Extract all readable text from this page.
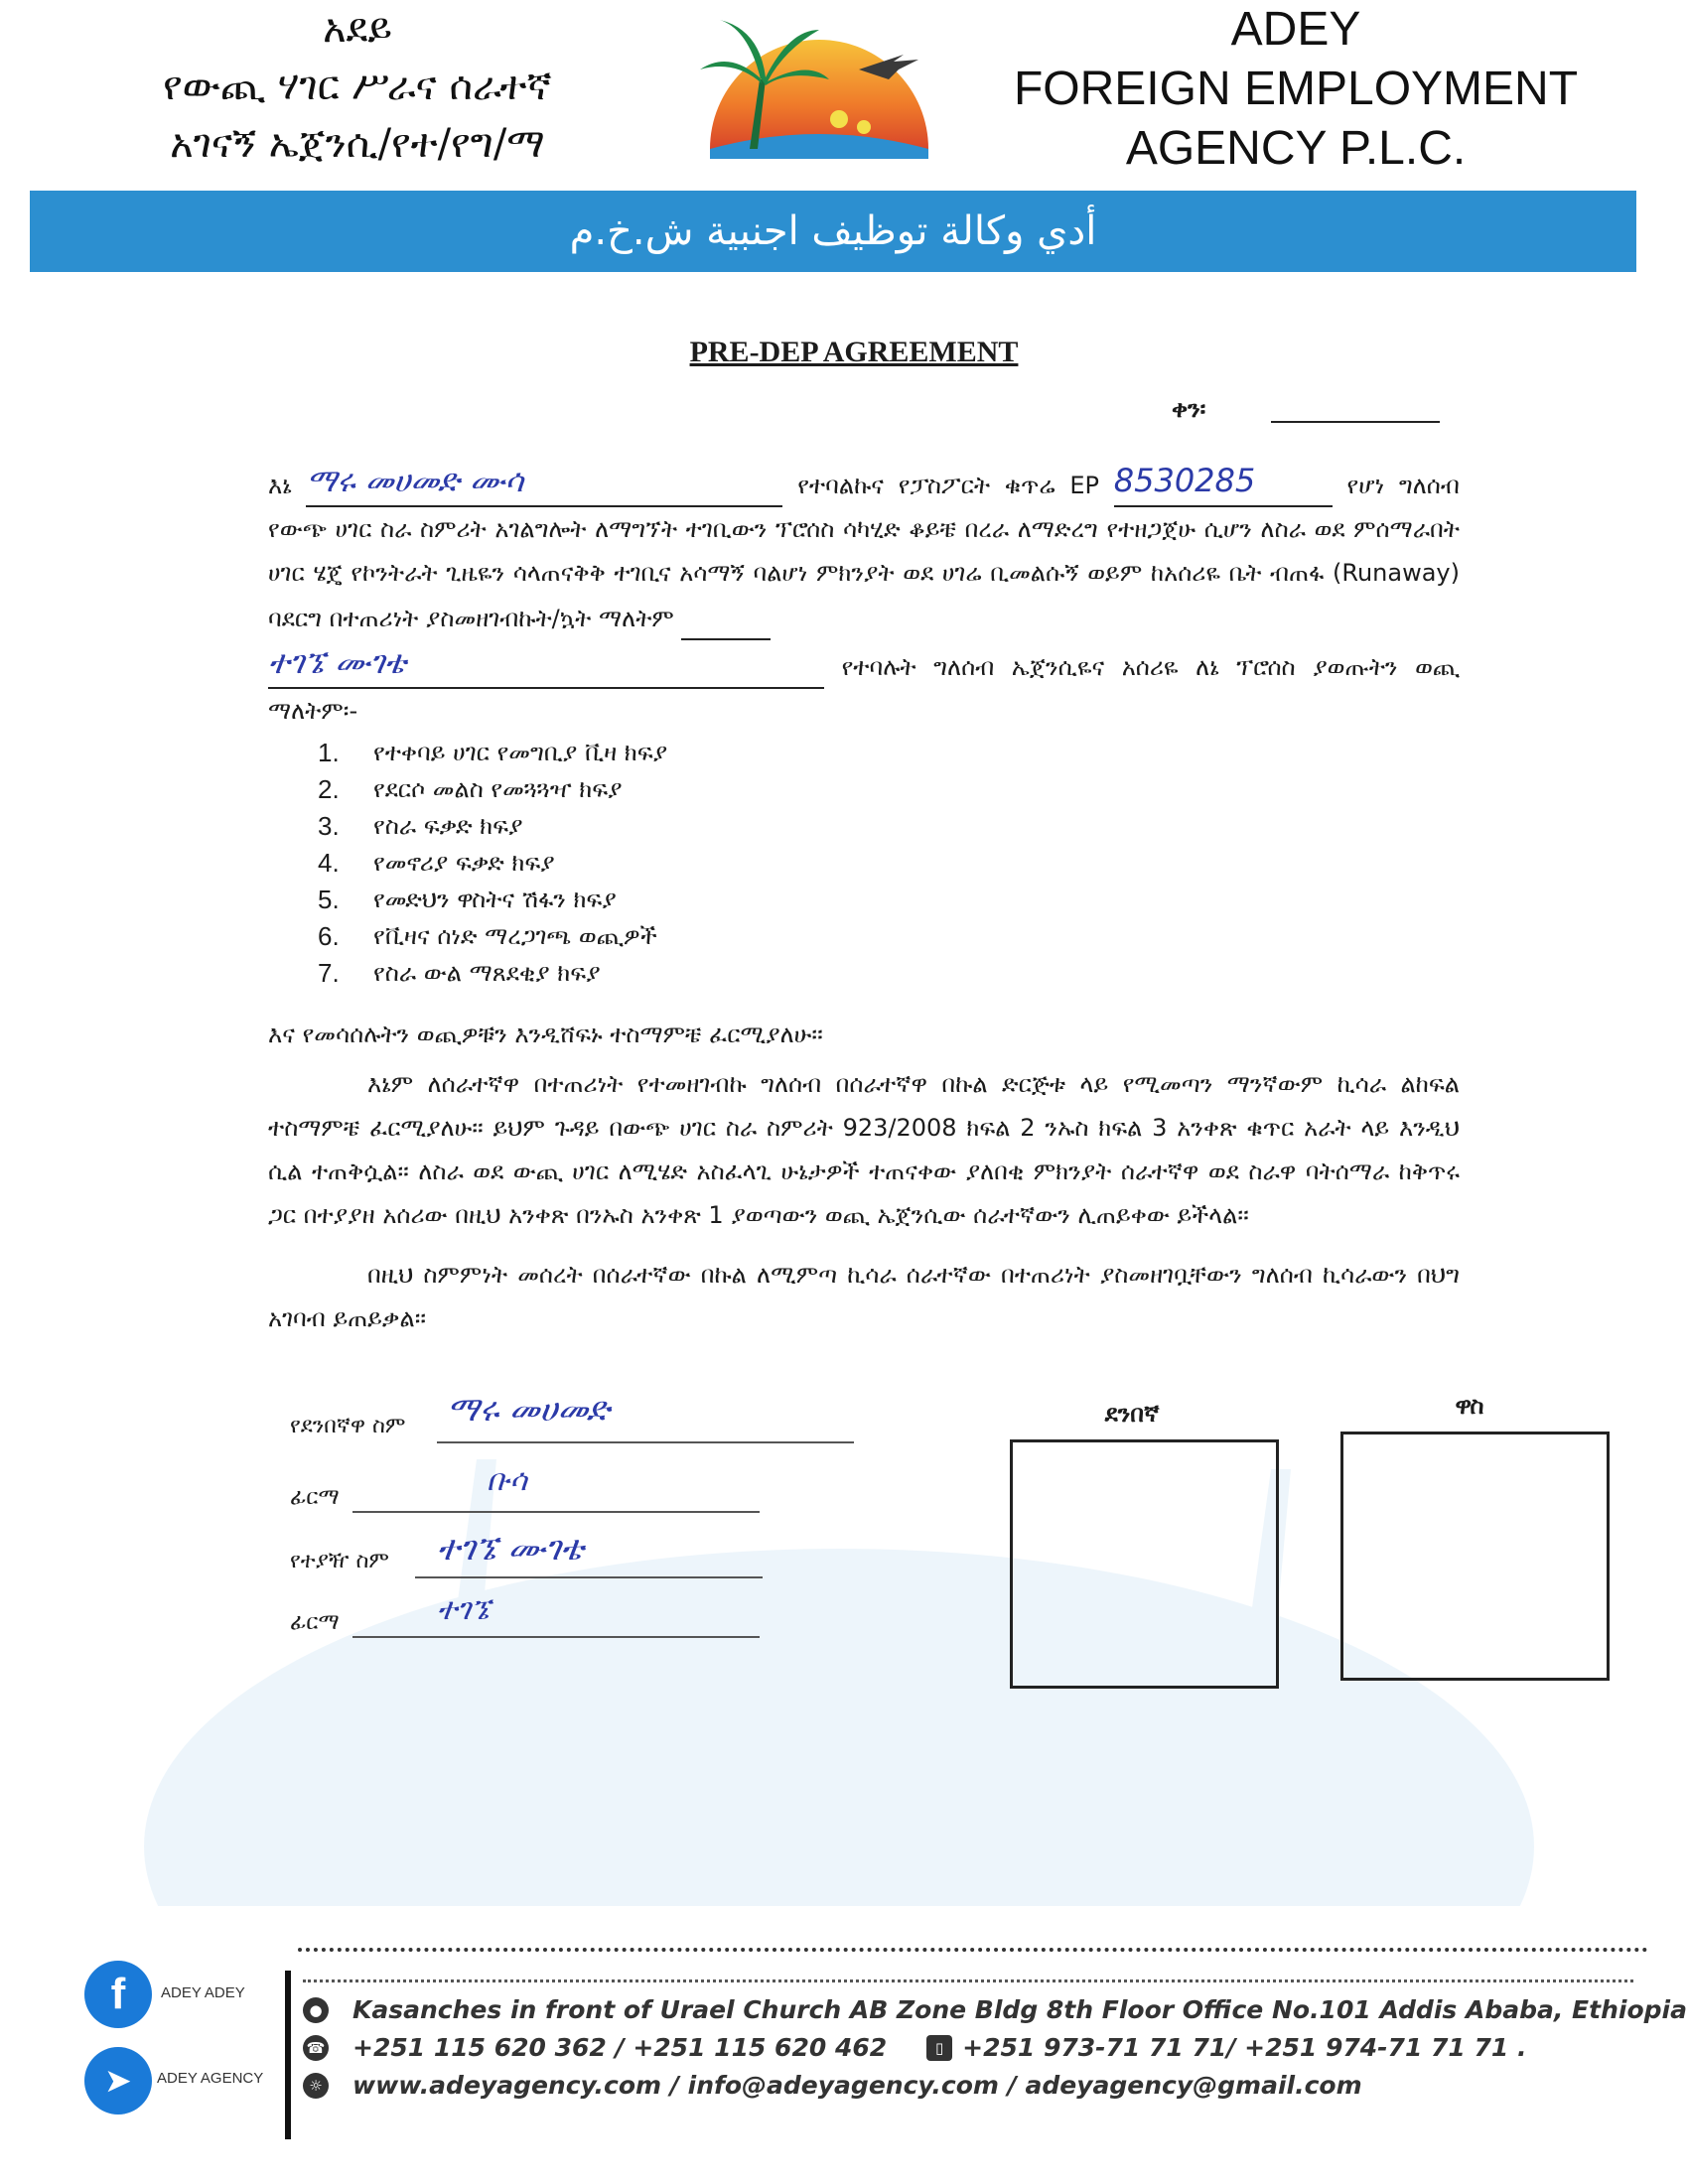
አደይ
የውጪ ሃገር ሥራና ሰራተኛ
አገናኝ ኤጀንሲ/የተ/የግ/ማ
ADEY
FOREIGN EMPLOYMENT
AGENCY P.L.C.
أدي وكالة توظيف اجنبية ش.خ.م
PRE-DEP AGREEMENT
ቀን፡
እኔ ማሩ መሀመድ ሙሳ	የተባልኩና የፓስፖርት ቁጥሬ EP 8530285	የሆነ ግለሰብ የውጭ ሀገር ስራ ስምሪት አገልግሎት ለማግኘት ተገቢውን ፕሮሰስ ሳካሂድ ቆይቼ በረራ ለማድረግ የተዘጋጀሁ ሲሆን ለስራ ወደ ምሰማራበት ሀገር ሄጄ የኮንትራት ጊዜዬን ሳላጠናቅቅ ተገቢና አሳማኝ ባልሆነ ምክንያት ወደ ሀገሬ ቢመልሱኝ ወይም ከአሰሪዬ ቤት ብጠፋ (Runaway) ባደርግ በተጠሪነት ያስመዘገብኩት/ኳት ማለትም
ተገኜ ሙገቴ	የተባሉት ግለሰብ ኤጀንሲዬና አሰሪዬ ለኔ ፕሮሰስ ያወጡትን ወጪ ማለትም፡-
1.	የተቀባይ ሀገር የመግቢያ ቪዛ ክፍያ
2.	የደርሶ መልስ የመጓጓዣ ክፍያ
3.	የስራ ፍቃድ ክፍያ
4.	የመኖሪያ ፍቃድ ክፍያ
5.	የመድህን ዋስትና ሽፋን ክፍያ
6.	የቪዛና ሰነድ ማረጋገጫ ወጪዎች
7.	የስራ ውል ማጸደቂያ ክፍያ
እና የመሳሰሉትን ወጪዎቹን እንዲሸፍኑ ተስማምቼ ፈርሚያለሁ፡፡
እኔም ለሰራተኛዋ በተጠሪነት የተመዘገብኩ ግለሰብ በሰራተኛዋ በኩል ድርጅቱ ላይ የሚመጣን ማንኛውም ኪሳራ ልከፍል ተስማምቼ ፈርሚያለሁ፡፡ ይህም ጉዳይ በውጭ ሀገር ስራ ስምሪት 923/2008 ክፍል 2 ንኡስ ክፍል 3 አንቀጽ ቁጥር አራት ላይ እንዲህ ሲል ተጠቅሷል፡፡ ለስራ ወደ ውጪ ሀገር ለሚሄድ አስፈላጊ ሁኔታዎች ተጠናቀው ያለበቂ ምክንያት ሰራተኛዋ ወደ ስራዋ ባትሰማራ ከቅጥሩ ጋር በተያያዘ አሰሪው በዚህ አንቀጽ በንኡስ አንቀጽ 1 ያወጣውን ወጪ ኤጀንሲው ሰራተኛውን ሊጠይቀው ይችላል፡፡
በዚህ ስምምነት መሰረት በሰራተኛው በኩል ለሚምጣ ኪሳራ ሰራተኛው በተጠሪነት ያስመዘገቧቸውን ግለሰብ ኪሳራውን በህግ አገባብ ይጠይቃል፡፡
የደንበኛዋ ስም ማሩ መሀመድ
ፊርማ	ቡሳ
የተያዥ ስም ተገኜ ሙገቴ
ፊርማ	ተገኜ
ደንበኛ	ዋስ
f	ADEY ADEY
➤	ADEY AGENCY
● Kasanches in front of Urael Church AB Zone Bldg 8th Floor Office No.101 Addis Ababa, Ethiopia
☎ +251 115 620 362 / +251 115 620 462	▯ +251 973-71 71 71/ +251 974-71 71 71 .
☼ www.adeyagency.com / info@adeyagency.com / adeyagency@gmail.com
